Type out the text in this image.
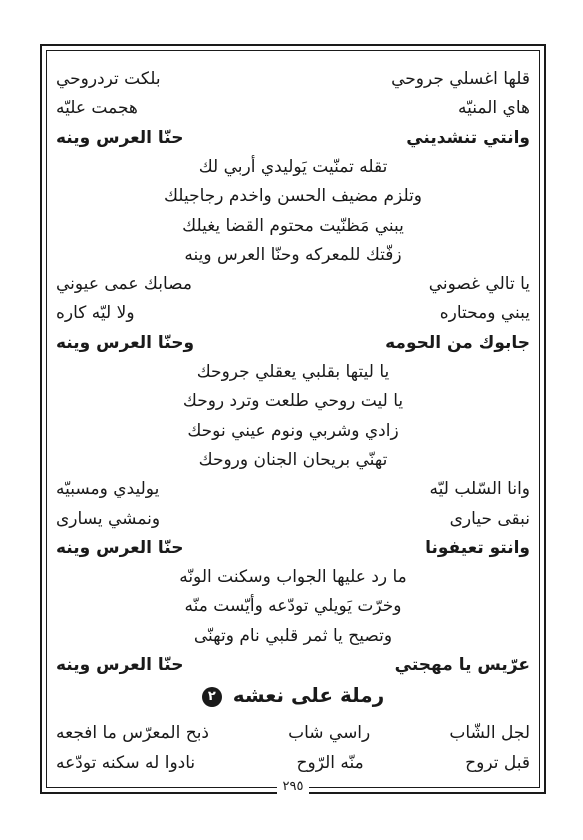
قلها اغسلي جروحي
بلكت تردروحي
هاي المنيّه
هجمت عليّه
وانتي تنشديني
حنّا العرس وينه
تقله تمنّيت يَوليدي أربي لك
وتلزم مضيف الحسن واخدم رجاجيلك
يبني مَظنّيت محتوم القضا يغيلك
زفّتك للمعركه وحنّا العرس وينه
يا تالي غصوني
مصابك عمى عيوني
يبني ومحتاره
ولا ليّه كاره
جابوك من الحومه
وحنّا العرس وينه
يا ليتها بقلبي يعقلي جروحك
يا ليت روحي طلعت وترد روحك
زادي وشربي ونوم عيني نوحك
تهنّي بريحان الجنان وروحك
وانا السّلب ليّه
يوليدي ومسبيّه
نبقى حيارى
ونمشي يسارى
وانتو تعيفونا
حنّا العرس وينه
ما رد عليها الجواب وسكنت الونّه
وخرّت يَويلي تودّعه وأيّست منّه
وتصيح يا ثمر قلبي نام وتهنّى
عرّيس يا مهجتي
حنّا العرس وينه
رملة على نعشه ٢
لجل الشّاب
راسي شاب
ذبح المعرّس ما افجعه
قبل تروح
منّه الرّوح
نادوا له سكنه تودّعه
٢٩٥
